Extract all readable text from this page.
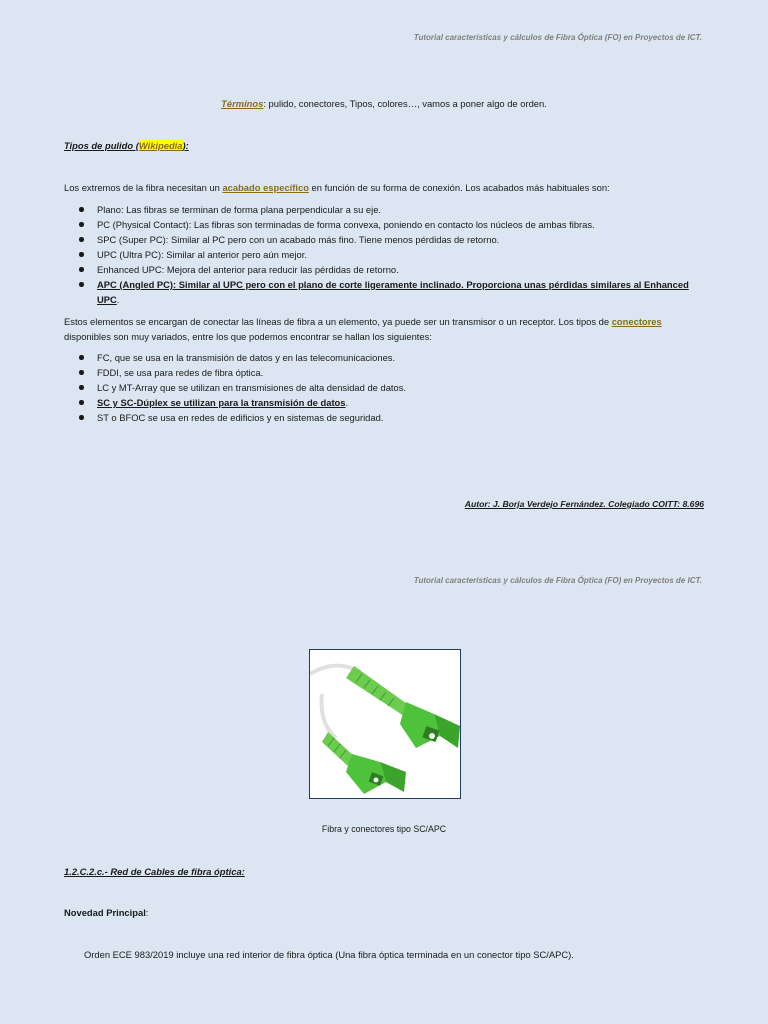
Tutorial características y cálculos de Fibra Óptica (FO) en Proyectos de ICT.
Términos: pulido, conectores, Tipos, colores…, vamos a poner algo de orden.
Tipos de pulido (Wikipedia):
Los extremos de la fibra necesitan un acabado específico en función de su forma de conexión. Los acabados más habituales son:
Plano: Las fibras se terminan de forma plana perpendicular a su eje.
PC (Physical Contact): Las fibras son terminadas de forma convexa, poniendo en contacto los núcleos de ambas fibras.
SPC (Super PC): Similar al PC pero con un acabado más fino. Tiene menos pérdidas de retorno.
UPC (Ultra PC): Similar al anterior pero aún mejor.
Enhanced UPC: Mejora del anterior para reducir las pérdidas de retorno.
APC (Angled PC): Similar al UPC pero con el plano de corte ligeramente inclinado. Proporciona unas pérdidas similares al Enhanced UPC.
Estos elementos se encargan de conectar las líneas de fibra a un elemento, ya puede ser un transmisor o un receptor. Los tipos de conectores
disponibles son muy variados, entre los que podemos encontrar se hallan los siguientes:
FC, que se usa en la transmisión de datos y en las telecomunicaciones.
FDDI, se usa para redes de fibra óptica.
LC y MT-Array que se utilizan en transmisiones de alta densidad de datos.
SC y SC-Dúplex se utilizan para la transmisión de datos.
ST o BFOC se usa en redes de edificios y en sistemas de seguridad.
Autor: J. Borja Verdejo Fernández. Colegiado COITT: 8.696
Tutorial características y cálculos de Fibra Óptica (FO) en Proyectos de ICT.
Fibra y conectores tipo SC/APC
1.2.C.2.c.- Red de Cables de fibra óptica:
Novedad Principal:
Orden ECE 983/2019 incluye una red interior de fibra óptica (Una fibra óptica terminada en un conector tipo SC/APC).
